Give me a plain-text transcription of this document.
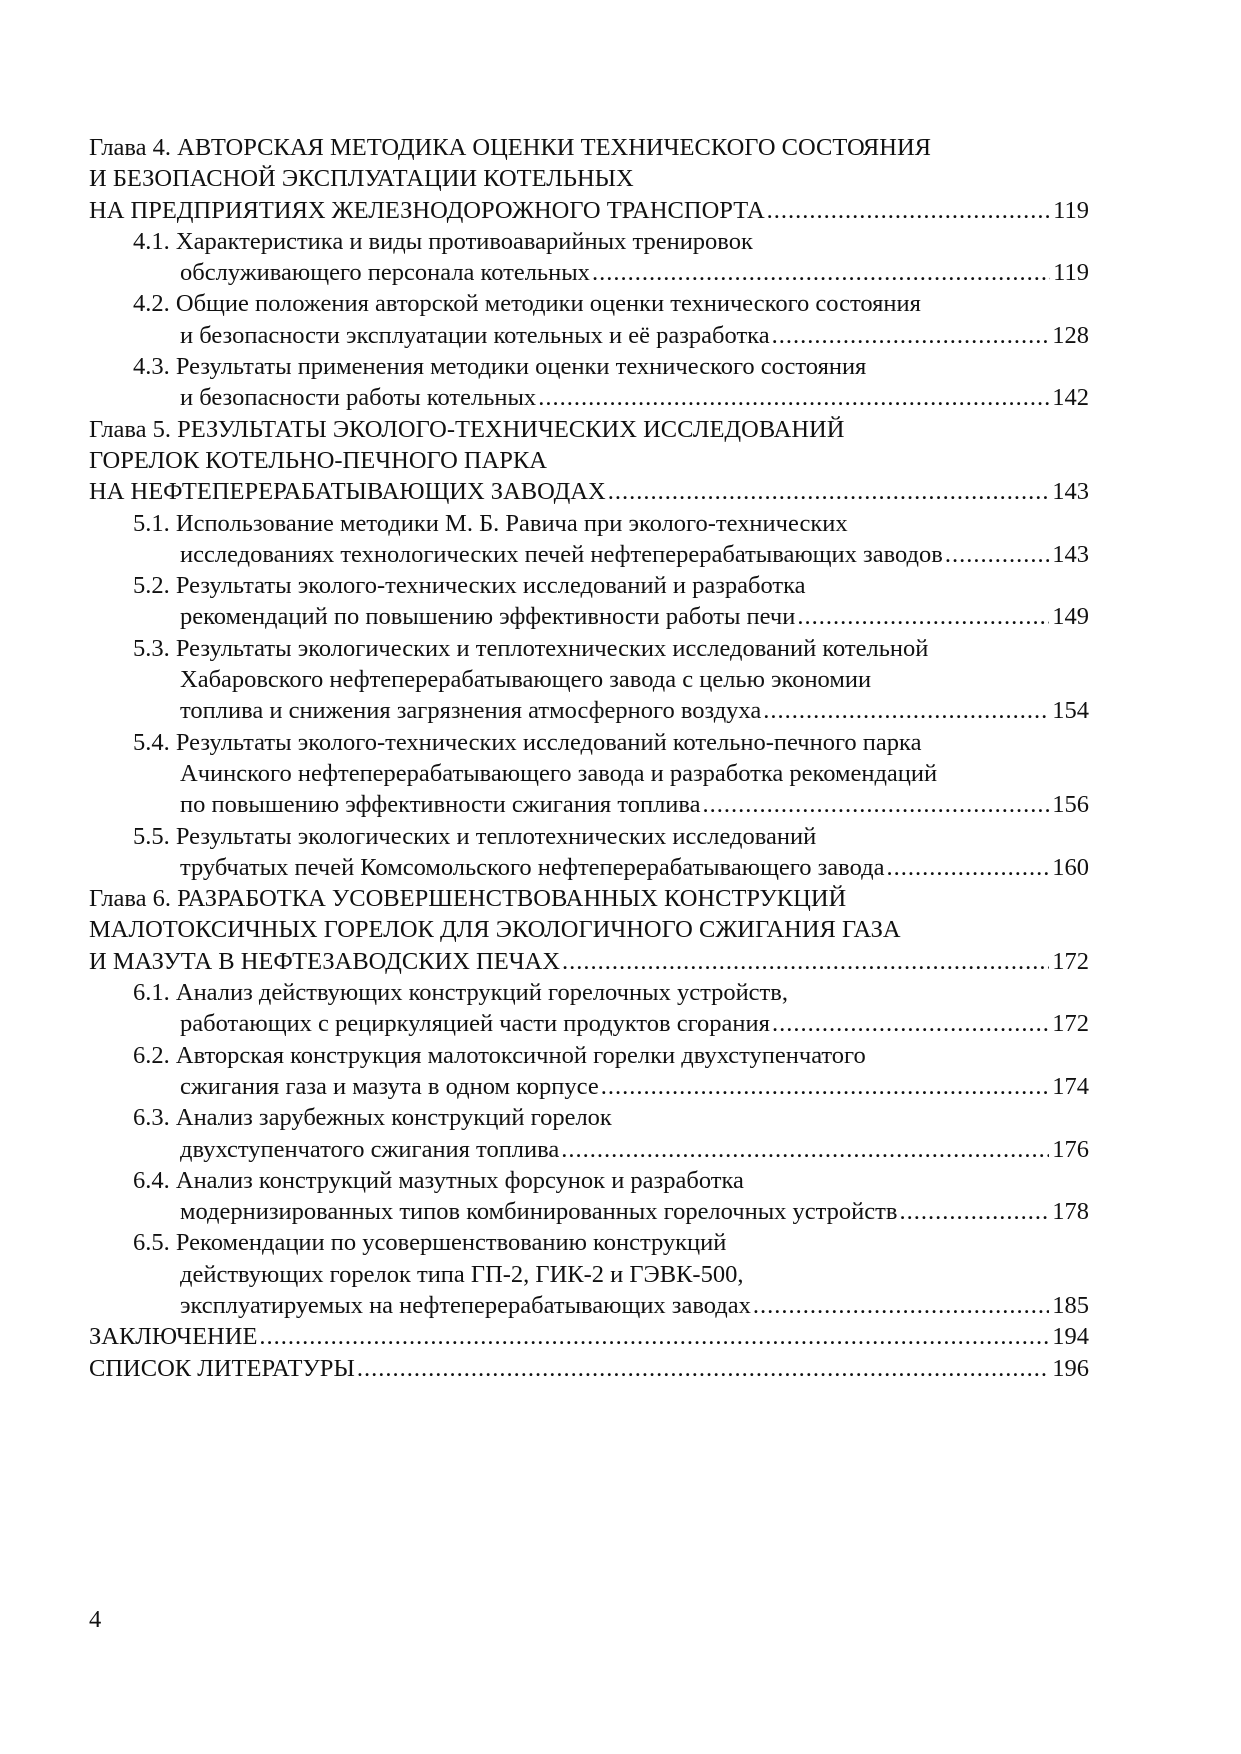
Глава 4. АВТОРСКАЯ МЕТОДИКА ОЦЕНКИ ТЕХНИЧЕСКОГО СОСТОЯНИЯ
И БЕЗОПАСНОЙ ЭКСПЛУАТАЦИИ КОТЕЛЬНЫХ
НА ПРЕДПРИЯТИЯХ ЖЕЛЕЗНОДОРОЖНОГО ТРАНСПОРТА .....	119
4.1. Характеристика и виды противоаварийных тренировок
обслуживающего персонала котельных .....	119
4.2. Общие положения авторской методики оценки технического состояния
и безопасности эксплуатации котельных и её разработка .....	128
4.3. Результаты применения методики оценки технического состояния
и безопасности работы котельных .....	142
Глава 5. РЕЗУЛЬТАТЫ ЭКОЛОГО-ТЕХНИЧЕСКИХ ИССЛЕДОВАНИЙ
ГОРЕЛОК КОТЕЛЬНО-ПЕЧНОГО ПАРКА
НА НЕФТЕПЕРЕРАБАТЫВАЮЩИХ ЗАВОДАХ .....	143
5.1. Использование методики М. Б. Равича при эколого-технических
исследованиях технологических печей нефтеперерабатывающих заводов .....	143
5.2. Результаты эколого-технических исследований и разработка
рекомендаций по повышению эффективности работы печи .....	149
5.3. Результаты экологических и теплотехнических исследований котельной
Хабаровского нефтеперерабатывающего завода с целью экономии
топлива и снижения загрязнения атмосферного воздуха .....	154
5.4. Результаты эколого-технических исследований котельно-печного парка
Ачинского нефтеперерабатывающего завода и разработка рекомендаций
по повышению эффективности сжигания топлива .....	156
5.5. Результаты экологических и теплотехнических исследований
трубчатых печей Комсомольского нефтеперерабатывающего завода .....	160
Глава 6. РАЗРАБОТКА УСОВЕРШЕНСТВОВАННЫХ КОНСТРУКЦИЙ
МАЛОТОКСИЧНЫХ ГОРЕЛОК ДЛЯ ЭКОЛОГИЧНОГО СЖИГАНИЯ ГАЗА
И МАЗУТА В НЕФТЕЗАВОДСКИХ ПЕЧАХ .....	172
6.1. Анализ действующих конструкций горелочных устройств,
работающих с рециркуляцией части продуктов сгорания .....	172
6.2. Авторская конструкция малотоксичной горелки двухступенчатого
сжигания газа и мазута в одном корпусе .....	174
6.3. Анализ зарубежных конструкций горелок
двухступенчатого сжигания топлива .....	176
6.4. Анализ конструкций мазутных форсунок и разработка
модернизированных типов комбинированных горелочных устройств .....	178
6.5. Рекомендации по усовершенствованию конструкций
действующих горелок типа ГП-2, ГИК-2 и ГЭВК-500,
эксплуатируемых на нефтеперерабатывающих заводах .....	185
ЗАКЛЮЧЕНИЕ .....	194
СПИСОК ЛИТЕРАТУРЫ .....	196
4
